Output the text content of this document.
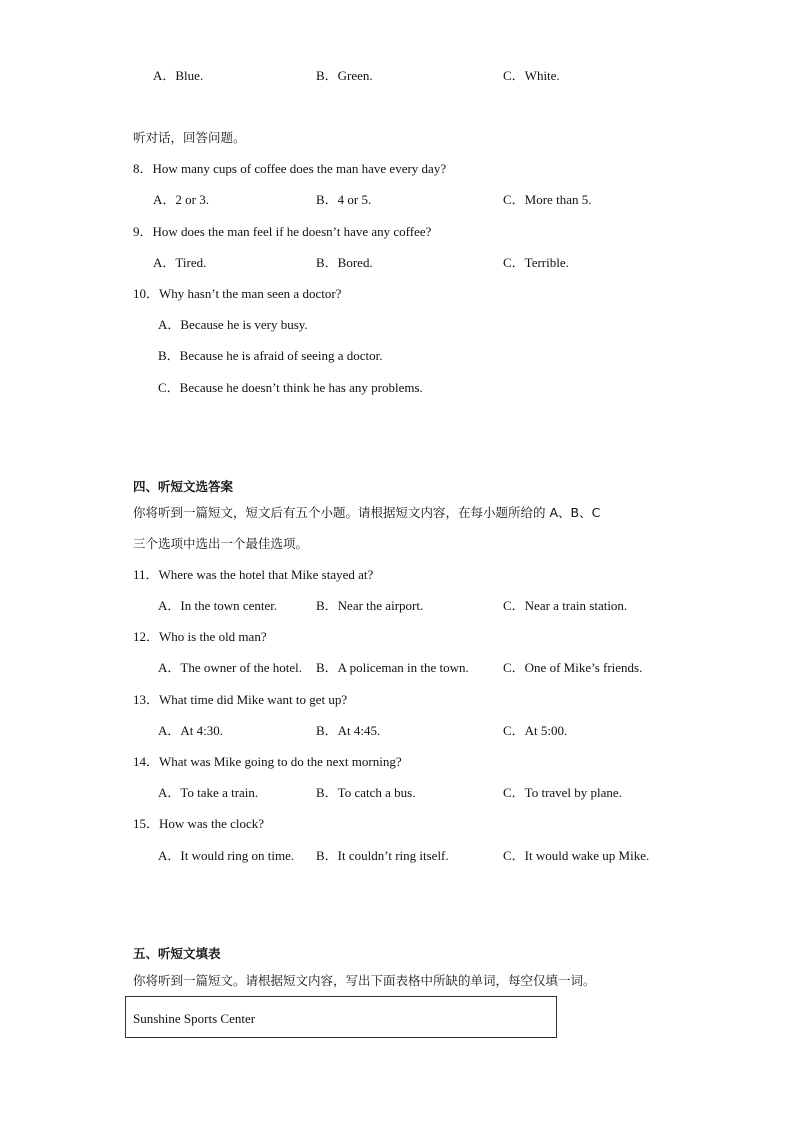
A．Blue.	B．Green.	C．White.
听对话，回答问题。
8．How many cups of coffee does the man have every day?
A．2 or 3.	B．4 or 5.	C．More than 5.
9．How does the man feel if he doesn’t have any coffee?
A．Tired.	B．Bored.	C．Terrible.
10．Why hasn’t the man seen a doctor?
A．Because he is very busy.
B．Because he is afraid of seeing a doctor.
C．Because he doesn’t think he has any problems.
四、听短文选答案
你将听到一篇短文，短文后有五个小题。请根据短文内容，在每小题所给的 A、B、C
三个选项中选出一个最佳选项。
11．Where was the hotel that Mike stayed at?
A．In the town center.	B．Near the airport.	C．Near a train station.
12．Who is the old man?
A．The owner of the hotel. B．A policeman in the town.	C．One of Mike’s friends.
13．What time did Mike want to get up?
A．At 4:30.	B．At 4:45.	C．At 5:00.
14．What was Mike going to do the next morning?
A．To take a train.	B．To catch a bus.	C．To travel by plane.
15．How was the clock?
A．It would ring on time. B．It couldn’t ring itself.	C．It would wake up Mike.
五、听短文填表
你将听到一篇短文。请根据短文内容，写出下面表格中所缺的单词，每空仅填一词。
Sunshine Sports Center
